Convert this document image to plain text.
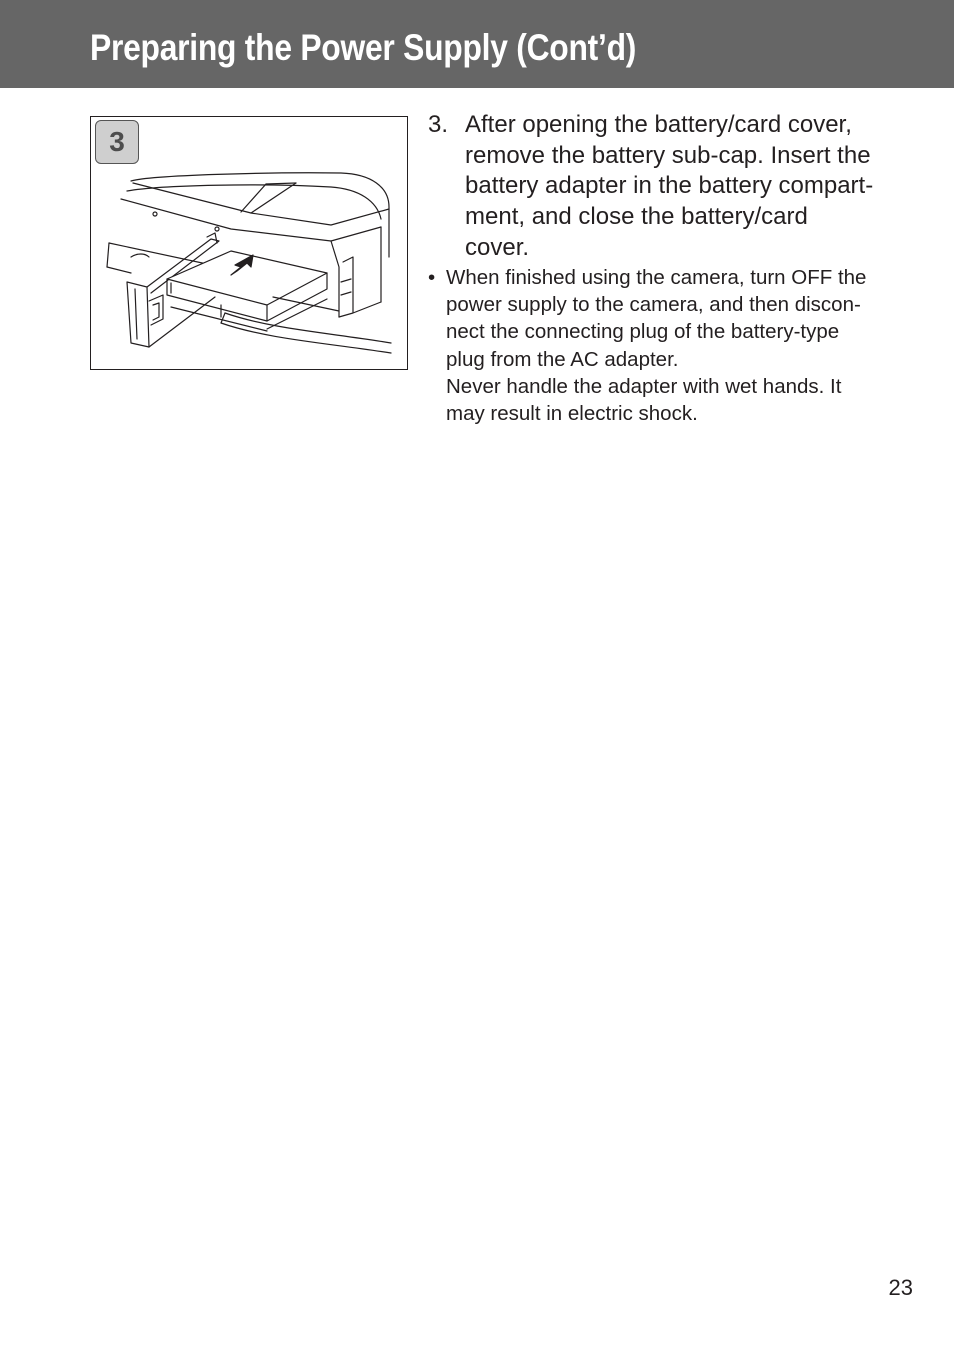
Preparing the Power Supply (Cont’d)
3
3. After opening the battery/card cover,
remove the battery sub-cap. Insert the
battery adapter in the battery compart-
ment, and close the battery/card
cover.
• When finished using the camera, turn OFF the
power supply to the camera, and then discon-
nect the connecting plug of the battery-type
plug from the AC adapter.
Never handle the adapter with wet hands. It
may result in electric shock.
23
